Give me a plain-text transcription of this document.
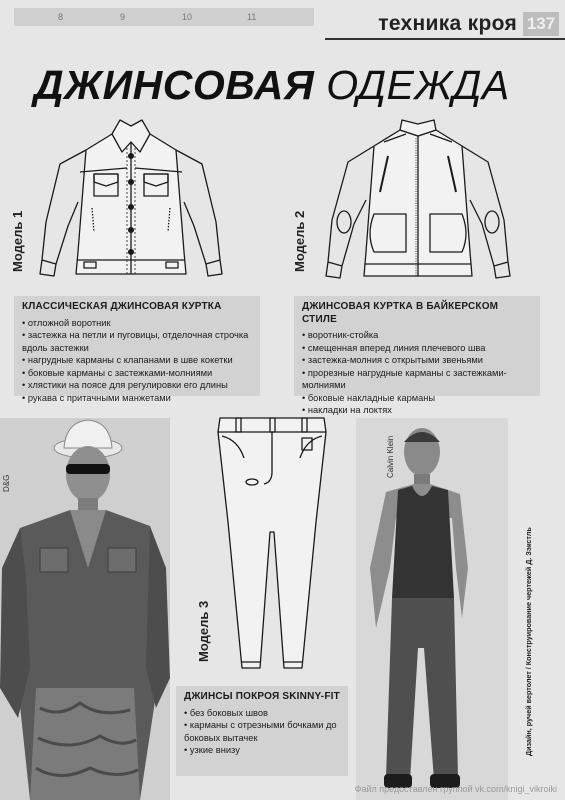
8	9	10	11	техника кроя 137
ДЖИНСОВАЯ ОДЕЖДА
Модель 1	Модель 2
КЛАССИЧЕСКАЯ ДЖИНСОВАЯ КУРТКА
• отложной воротник
• застежка на петли и пуговицы, отделочная строчка вдоль застежки
• нагрудные карманы с клапанами в шве кокетки
• боковые карманы с застежками-молниями
• хлястики на поясе для регулировки его длины
• рукава с притачными манжетами
ДЖИНСОВАЯ КУРТКА В БАЙКЕРСКОМ СТИЛЕ
• воротник-стойка
• смещенная вперед линия плечевого шва
• застежка-молния с открытыми звеньями
• прорезные нагрудные карманы с застежками-молниями
• боковые накладные карманы
• накладки на локтях
D&G
Модель 3
ДЖИНСЫ ПОКРОЯ SKINNY-FIT
• без боковых швов
• карманы с отрезными бочками до боковых вытачек
• узкие внизу
Calvin Klein
Дизайн, ручей вертолет / Конструирование чертежей Д. Зэкстль
Файл предоставлен группой vk.com/knigi_vikroiki
